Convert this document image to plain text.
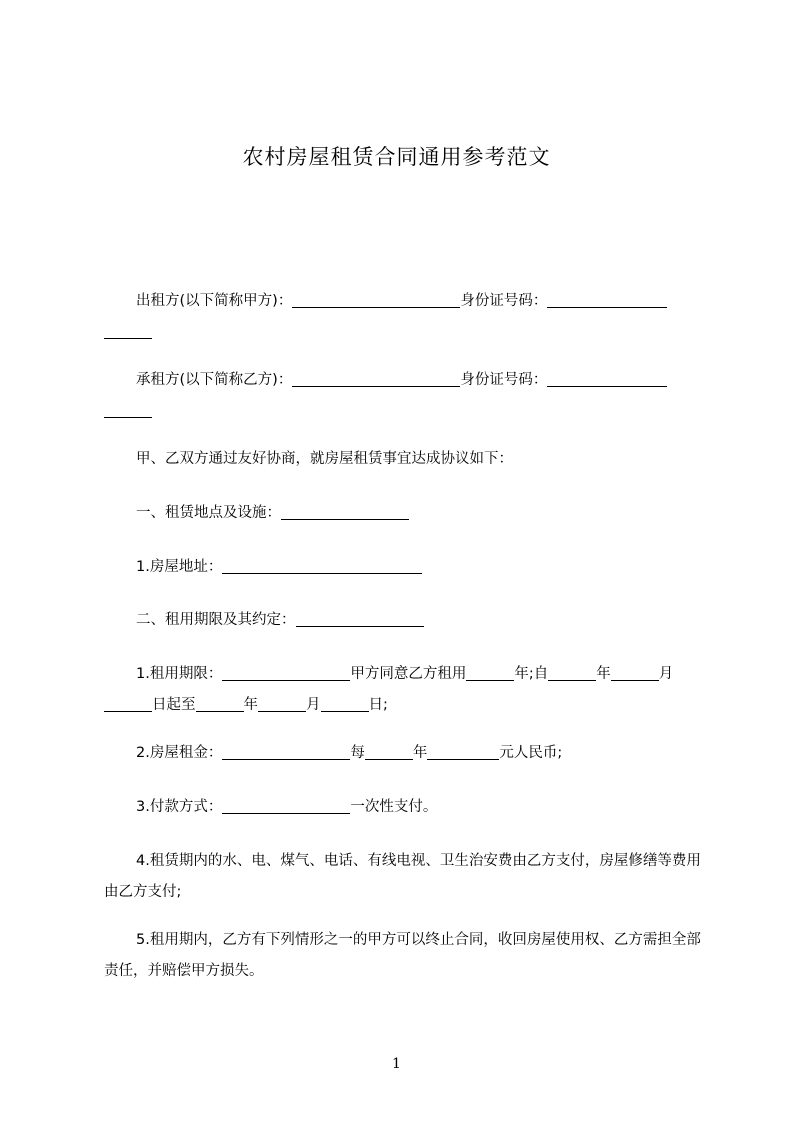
农村房屋租赁合同通用参考范文
出租方(以下简称甲方)：	身份证号码：
承租方(以下简称乙方)：	身份证号码：
甲、乙双方通过友好协商，就房屋租赁事宜达成协议如下：
一、租赁地点及设施：
1.房屋地址：
二、租用期限及其约定：
1.租用期限：	甲方同意乙方租用	年;自	年	月日起至	年	月	日;
2.房屋租金：	每	年	元人民币;
3.付款方式：	一次性支付。
4.租赁期内的水、电、煤气、电话、有线电视、卫生治安费由乙方支付，房屋修缮等费用由乙方支付;
5.租用期内，乙方有下列情形之一的甲方可以终止合同，收回房屋使用权、乙方需担全部责任，并赔偿甲方损失。
1
